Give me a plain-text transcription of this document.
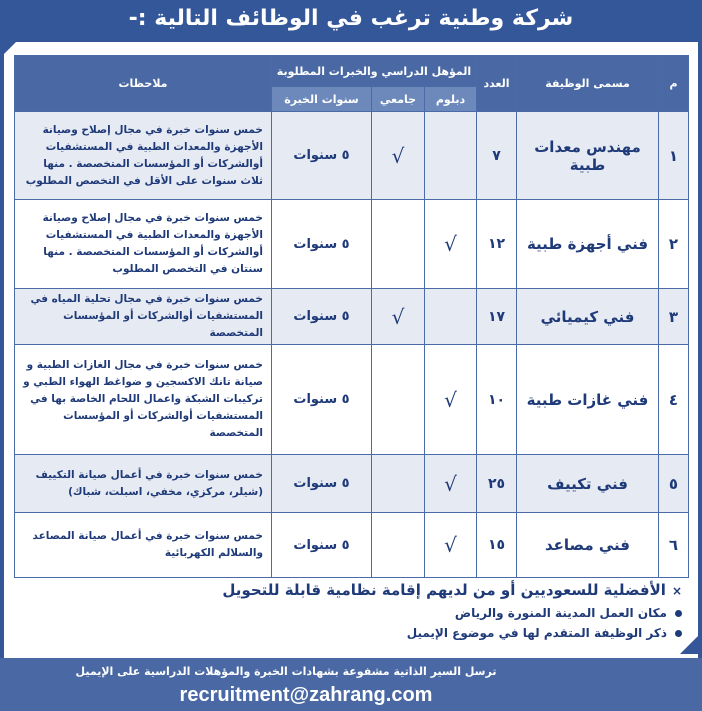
شركة وطنية ترغب في الوظائف التالية :-
م	مسمى الوظيفة	العدد	المؤهل الدراسي والخبرات المطلوبة			ملاحظات
			دبلوم	جامعي	سنوات الخبرة	
١	مهندس معدات طبية	٧		√	٥ سنوات	خمس سنوات خبرة في مجال إصلاح وصيانة الأجهزة والمعدات الطبية في المستشفيات أوالشركات أو المؤسسات المتخصصة . منها ثلاث سنوات على الأقل في التخصص المطلوب
٢	فني أجهزة طبية	١٢	√		٥ سنوات	خمس سنوات خبرة في مجال إصلاح وصيانة الأجهزة والمعدات الطبية في المستشفيات أوالشركات أو المؤسسات المتخصصة . منها سنتان في التخصص المطلوب
٣	فني كيميائي	١٧		√	٥ سنوات	خمس سنوات خبرة في مجال تحلية المياه في المستشفيات أوالشركات أو المؤسسات المتخصصة
٤	فني غازات طبية	١٠	√		٥ سنوات	خمس سنوات خبرة في مجال الغازات الطبية و صيانة تانك الاكسجين و ضواغط الهواء الطبي و تركيبات الشبكة واعمال اللحام الخاصة بها في المستشفيات أوالشركات أو المؤسسات المتخصصة
٥	فني تكييف	٢٥	√		٥ سنوات	خمس سنوات خبرة في أعمال صيانة التكييف (شيلر، مركزي، مخفي، اسبلت، شباك)
٦	فني مصاعد	١٥	√		٥ سنوات	خمس سنوات خبرة في أعمال صيانة المصاعد والسلالم الكهربائية
×الأفضلية للسعوديين أو من لديهم إقامة نظامية قابلة للتحويل
مكان العمل المدينة المنورة والرياض
ذكر الوظيفة المتقدم لها في موضوع الإيميل
ترسل السير الذاتية مشفوعة بشهادات الخبرة والمؤهلات الدراسية على الإيميل
recruitment@zahrang.com
